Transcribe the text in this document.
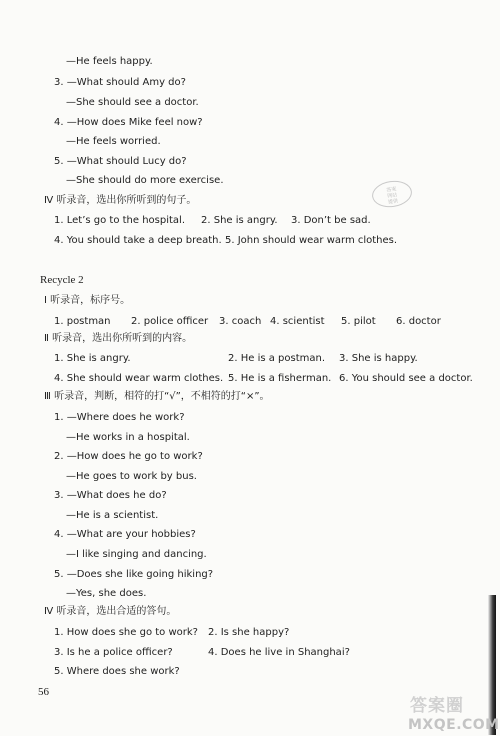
—He feels happy.
3. —What should Amy do?
—She should see a doctor.
4. —How does Mike feel now?
—He feels worried.
5. —What should Lucy do?
—She should do more exercise.
答案
网站
提供
Ⅳ 听录音，选出你所听到的句子。
1. Let’s go to the hospital. 2. She is angry. 3. Don’t be sad.
4. You should take a deep breath. 5. John should wear warm clothes.
Recycle 2
Ⅰ 听录音，标序号。
1. postman 2. police officer 3. coach 4. scientist 5. pilot 6. doctor
Ⅱ 听录音，选出你所听到的内容。
1. She is angry.	2. He is a postman. 3. She is happy.
4. She should wear warm clothes. 5. He is a fisherman. 6. You should see a doctor.
Ⅲ 听录音，判断，相符的打“√”，不相符的打“×”。
1. —Where does he work?
—He works in a hospital.
2. —How does he go to work?
—He goes to work by bus.
3. —What does he do?
—He is a scientist.
4. —What are your hobbies?
—I like singing and dancing.
5. —Does she like going hiking?
—Yes, she does.
Ⅳ 听录音，选出合适的答句。
1. How does she go to work? 2. Is she happy?
3. Is he a police officer?	4. Does he live in Shanghai?
5. Where does she work?
56
答案圈
MXQE.COM
